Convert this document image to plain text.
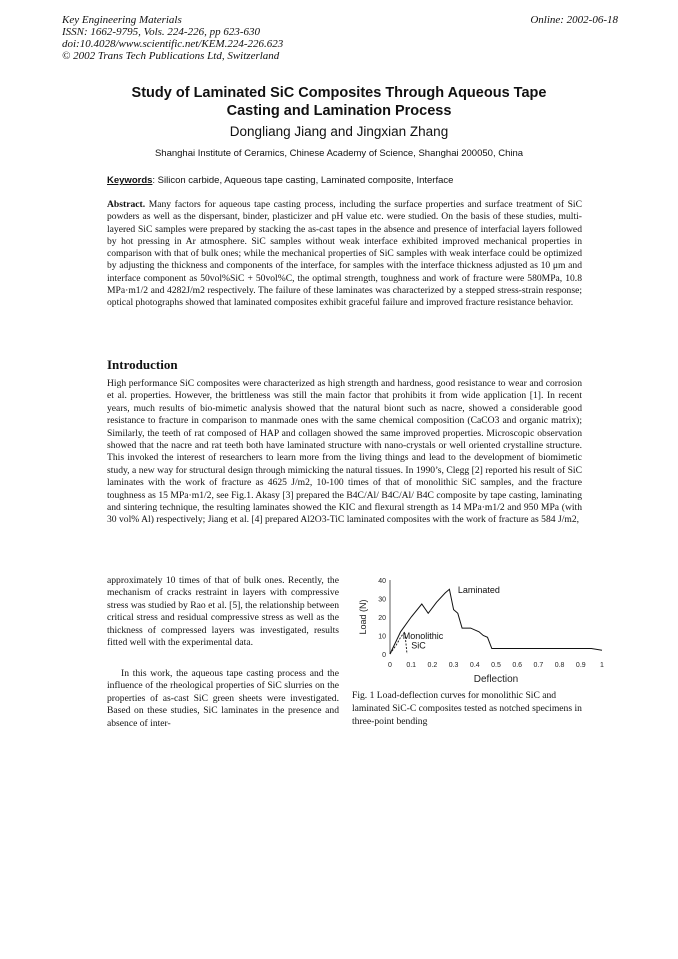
Key Engineering Materials
ISSN: 1662-9795, Vols. 224-226, pp 623-630
doi:10.4028/www.scientific.net/KEM.224-226.623
© 2002 Trans Tech Publications Ltd, Switzerland
Online: 2002-06-18
Study of Laminated SiC Composites Through Aqueous Tape
Casting and Lamination Process
Dongliang Jiang and Jingxian Zhang
Shanghai Institute of Ceramics, Chinese Academy of Science, Shanghai 200050, China
Keywords: Silicon carbide, Aqueous tape casting, Laminated composite, Interface
Abstract. Many factors for aqueous tape casting process, including the surface properties and surface treatment of SiC powders as well as the dispersant, binder, plasticizer and pH value etc. were studied. On the basis of these studies, multi-layered SiC samples were prepared by stacking the as-cast tapes in the absence and presence of interfacial layers followed by hot pressing in Ar atmosphere. SiC samples without weak interface exhibited improved mechanical properties in comparison with that of bulk ones; while the mechanical properties of SiC samples with weak interface could be optimized by adjusting the thickness and components of the interface, for samples with the interface thickness adjusted as 10 μm and interface component as 50vol%SiC + 50vol%C, the optimal strength, toughness and work of fracture were 580MPa, 10.8 MPa·m1/2 and 4282J/m2 respectively. The failure of these laminates was characterized by a stepped stress-strain response; optical photographs showed that laminated composites exhibit graceful failure and improved fracture resistance behavior.
Introduction
High performance SiC composites were characterized as high strength and hardness, good resistance to wear and corrosion et al. properties. However, the brittleness was still the main factor that prohibits it from wide application [1]. In recent years, much results of bio-mimetic analysis showed that the natural biont such as nacre, showed a considerable good resistance to fracture in comparison to manmade ones with the same chemical composition (CaCO3 and organic matrix); Similarly, the teeth of rat composed of HAP and collagen showed the same improved properties. Microscopic observation showed that the nacre and rat teeth both have laminated structure with nano-crystals or well oriented crystalline structure. This invoked the interest of researchers to learn more from the living things and lead to the development of biomimetic study, a new way for structural design through mimicking the natural tissues. In 1990’s, Clegg [2] reported his result of SiC laminates with the work of fracture as 4625 J/m2, 10-100 times of that of monolithic SiC samples, and the fracture toughness as 15 MPa·m1/2, see Fig.1. Akasy [3] prepared the B4C/Al/ B4C/Al/ B4C composite by tape casting, laminating and sintering technique, the resulting laminates showed the KIC and flexural strength as 14 MPa·m1/2 and 950 MPa (with 30 vol% Al) respectively; Jiang et al. [4] prepared Al2O3-TiC laminated composites with the work of fracture as 584 J/m2,
approximately 10 times of that of bulk ones. Recently, the mechanism of cracks restraint in layers with compressive stress was studied by Rao et al. [5], the relationship between critical stress and residual compressive stress as well as the thickness of compressed layers was investigated, results fitted well with the experimental data.
In this work, the aqueous tape casting process and the influence of the rheological properties of SiC slurries on the properties of as-cast SiC green sheets were investigated. Based on these studies, SiC laminates in the presence and absence of inter-
0
10
20
30
40
0 0.1 0.2 0.3 0.4 0.5 0.6 0.7 0.8 0.9 1
Load (N)
Deflection
Laminated
Monolithic
SiC
Fig. 1 Load-deflection curves for monolithic SiC and laminated SiC-C composites tested as notched specimens in three-point bending
